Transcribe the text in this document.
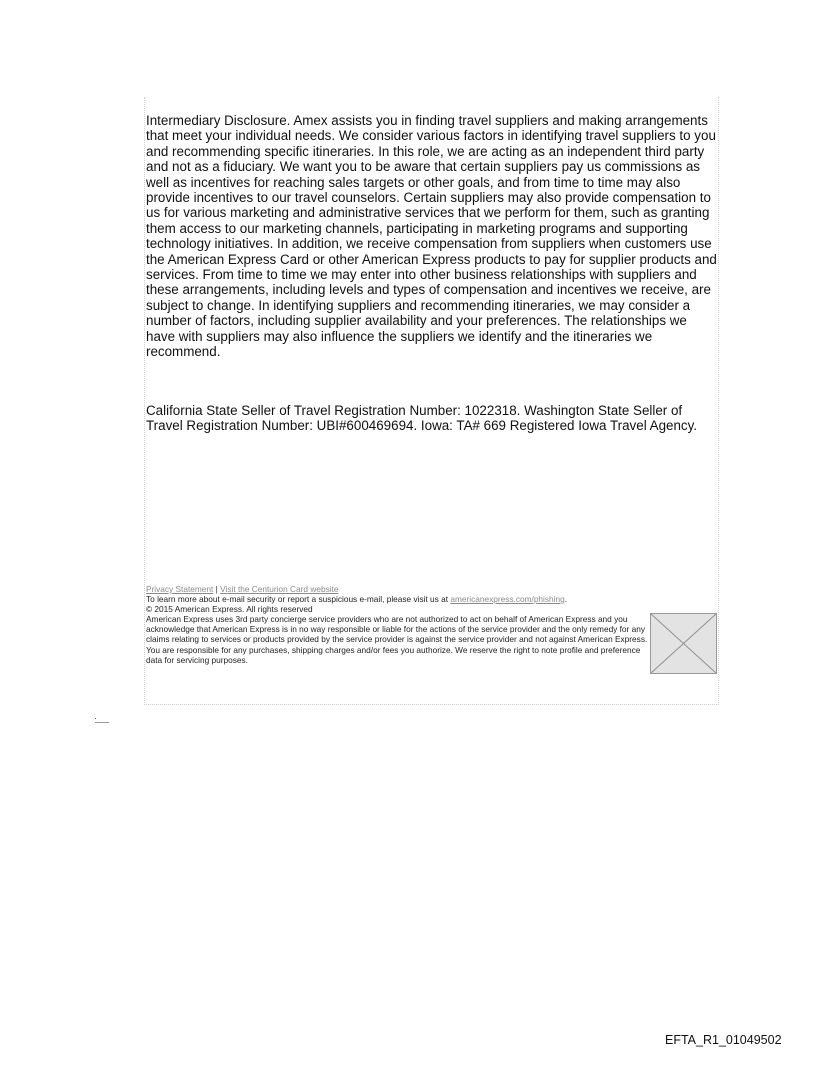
Intermediary Disclosure. Amex assists you in finding travel suppliers and making arrangements that meet your individual needs. We consider various factors in identifying travel suppliers to you and recommending specific itineraries. In this role, we are acting as an independent third party and not as a fiduciary. We want you to be aware that certain suppliers pay us commissions as well as incentives for reaching sales targets or other goals, and from time to time may also provide incentives to our travel counselors. Certain suppliers may also provide compensation to us for various marketing and administrative services that we perform for them, such as granting them access to our marketing channels, participating in marketing programs and supporting technology initiatives. In addition, we receive compensation from suppliers when customers use the American Express Card or other American Express products to pay for supplier products and services. From time to time we may enter into other business relationships with suppliers and these arrangements, including levels and types of compensation and incentives we receive, are subject to change. In identifying suppliers and recommending itineraries, we may consider a number of factors, including supplier availability and your preferences. The relationships we have with suppliers may also influence the suppliers we identify and the itineraries we recommend.

California State Seller of Travel Registration Number: 1022318. Washington State Seller of Travel Registration Number: UBI#600469694. Iowa: TA# 669 Registered Iowa Travel Agency.

Privacy Statement | Visit the Centurion Card website
To learn more about e-mail security or report a suspicious e-mail, please visit us at americanexpress.com/phishing.
© 2015 American Express. All rights reserved

American Express uses 3rd party concierge service providers who are not authorized to act on behalf of American Express and you acknowledge that American Express is in no way responsible or liable for the actions of the service provider and the only remedy for any claims relating to services or products provided by the service provider is against the service provider and not against American Express. You are responsible for any purchases, shipping charges and/or fees you authorize. We reserve the right to note profile and preference data for servicing purposes.

EFTA_R1_01049502
